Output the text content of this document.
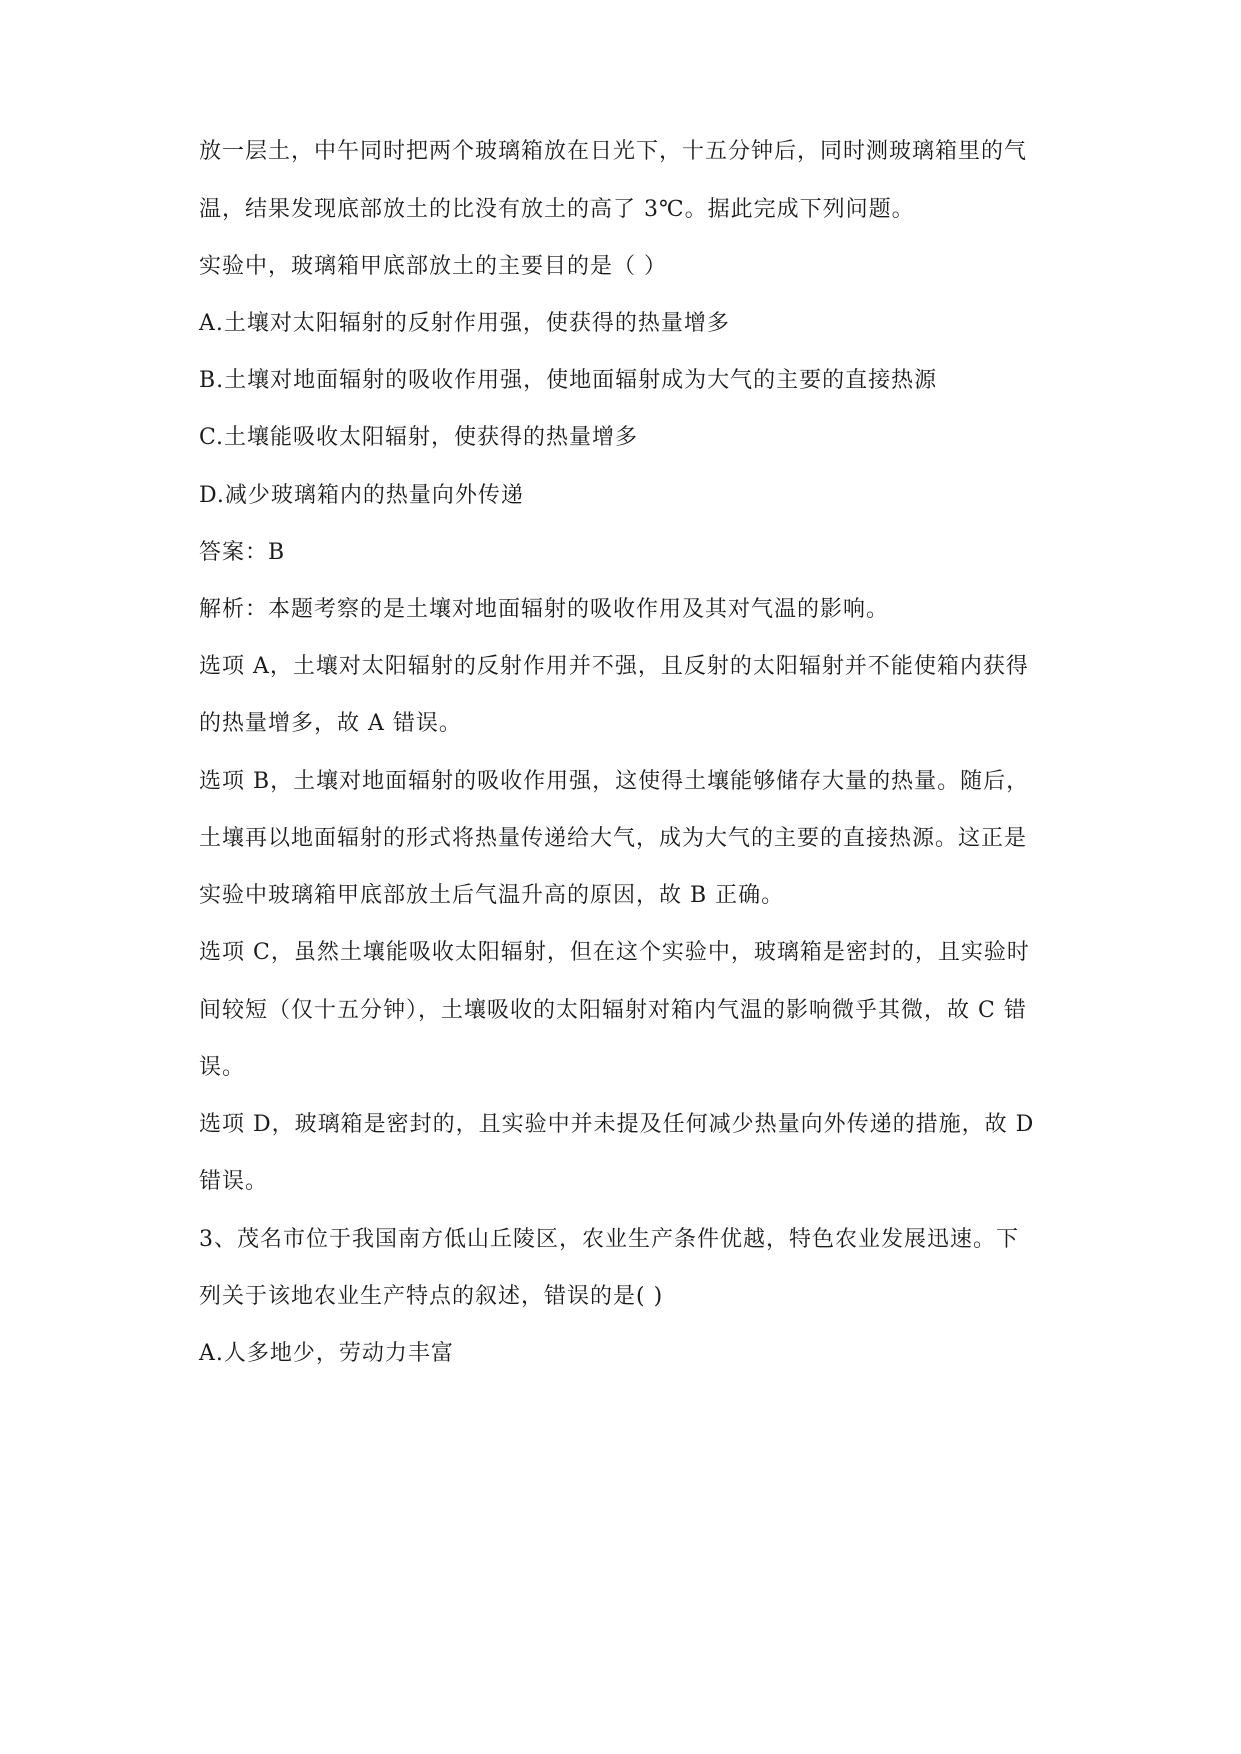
放一层土，中午同时把两个玻璃箱放在日光下，十五分钟后，同时测玻璃箱里的气
温，结果发现底部放土的比没有放土的高了 3℃。据此完成下列问题。
实验中，玻璃箱甲底部放土的主要目的是（ ）
A.土壤对太阳辐射的反射作用强，使获得的热量增多
B.土壤对地面辐射的吸收作用强，使地面辐射成为大气的主要的直接热源
C.土壤能吸收太阳辐射，使获得的热量增多
D.减少玻璃箱内的热量向外传递
答案：B
解析：本题考察的是土壤对地面辐射的吸收作用及其对气温的影响。
选项 A，土壤对太阳辐射的反射作用并不强，且反射的太阳辐射并不能使箱内获得
的热量增多，故 A 错误。
选项 B，土壤对地面辐射的吸收作用强，这使得土壤能够储存大量的热量。随后，
土壤再以地面辐射的形式将热量传递给大气，成为大气的主要的直接热源。这正是
实验中玻璃箱甲底部放土后气温升高的原因，故 B 正确。
选项 C，虽然土壤能吸收太阳辐射，但在这个实验中，玻璃箱是密封的，且实验时
间较短（仅十五分钟），土壤吸收的太阳辐射对箱内气温的影响微乎其微，故 C 错
误。
选项 D，玻璃箱是密封的，且实验中并未提及任何减少热量向外传递的措施，故 D
错误。
3、茂名市位于我国南方低山丘陵区，农业生产条件优越，特色农业发展迅速。下
列关于该地农业生产特点的叙述，错误的是( )
A.人多地少，劳动力丰富
